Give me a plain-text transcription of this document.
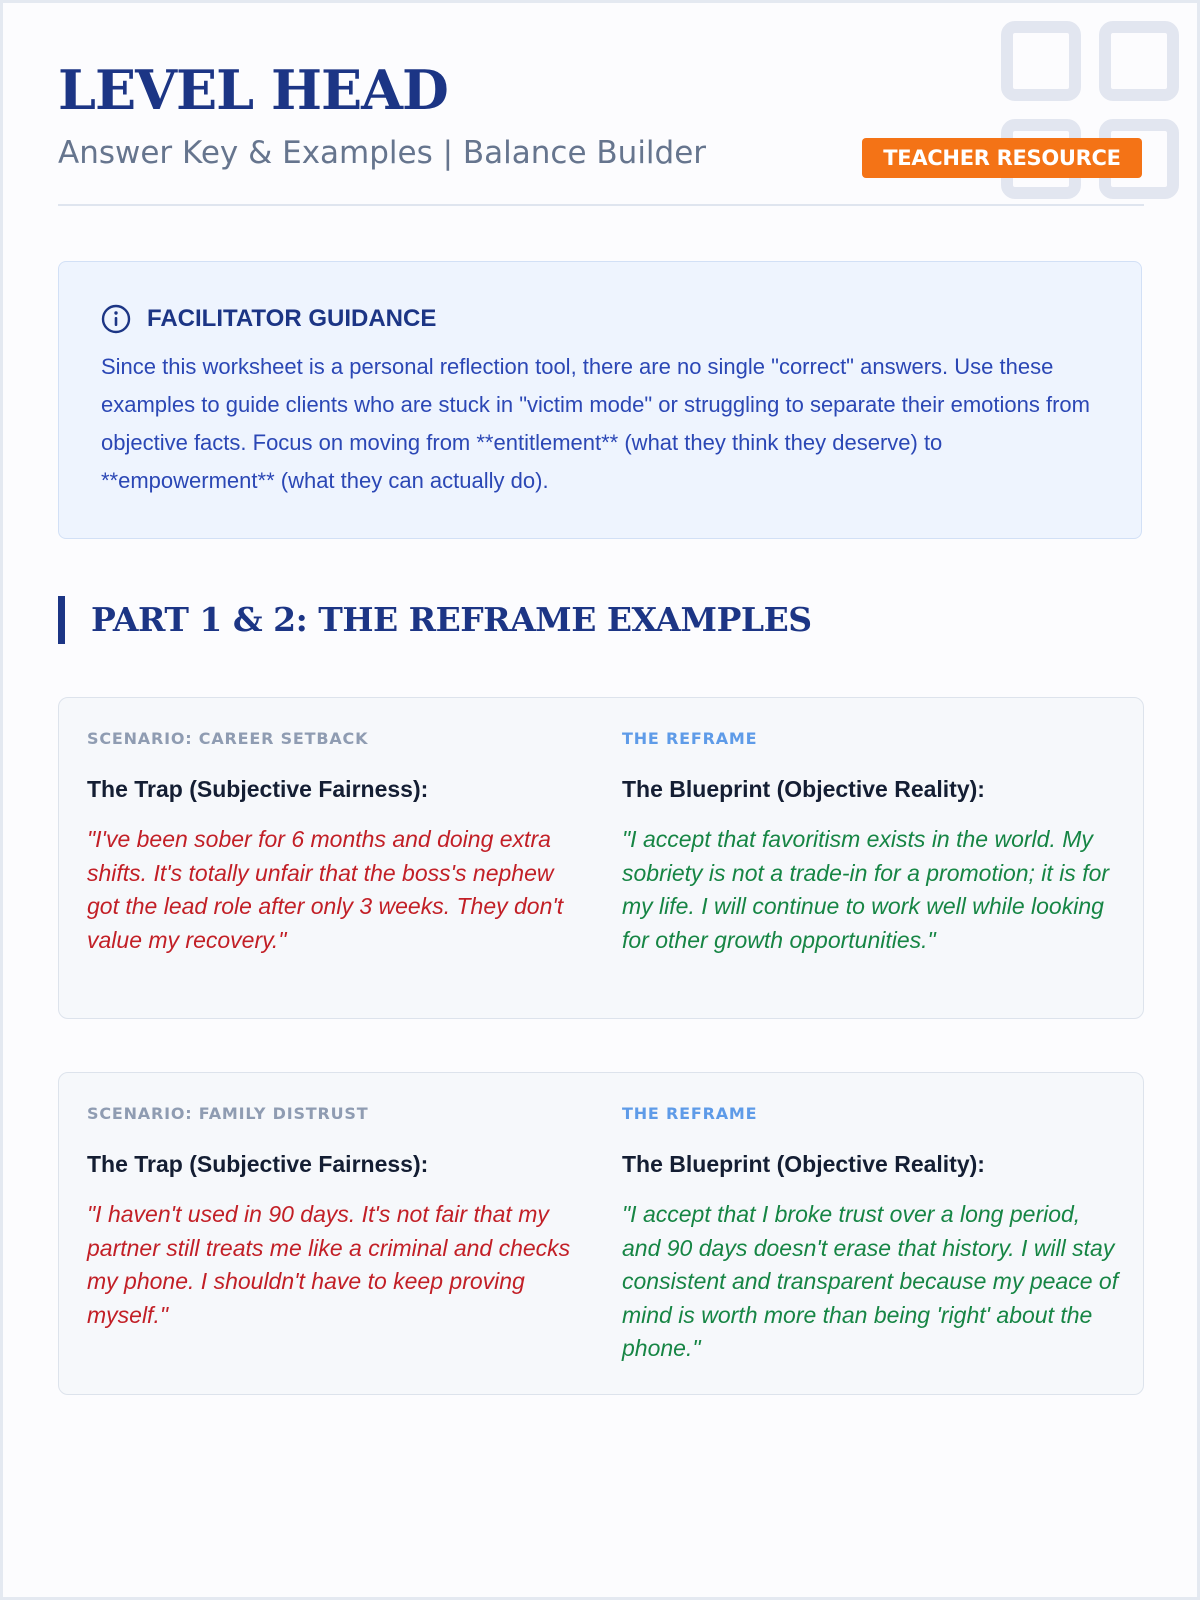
LEVEL HEAD
Answer Key & Examples | Balance Builder	TEACHER RESOURCE
FACILITATOR GUIDANCE

Since this worksheet is a personal reflection tool, there are no single "correct" answers. Use these examples to guide clients who are stuck in "victim mode" or struggling to separate their emotions from objective facts. Focus on moving from **entitlement** (what they think they deserve) to **empowerment** (what they can actually do).

PART 1 & 2: THE REFRAME EXAMPLES
SCENARIO: CAREER SETBACK
The Trap (Subjective Fairness):

"I've been sober for 6 months and doing extra shifts. It's totally unfair that the boss's nephew got the lead role after only 3 weeks. They don't value my recovery."

THE REFRAME
The Blueprint (Objective Reality):

"I accept that favoritism exists in the world. My sobriety is not a trade-in for a promotion; it is for my life. I will continue to work well while looking for other growth opportunities."

SCENARIO: FAMILY DISTRUST
The Trap (Subjective Fairness):

"I haven't used in 90 days. It's not fair that my partner still treats me like a criminal and checks my phone. I shouldn't have to keep proving myself."

THE REFRAME
The Blueprint (Objective Reality):

"I accept that I broke trust over a long period, and 90 days doesn't erase that history. I will stay consistent and transparent because my peace of mind is worth more than being 'right' about the phone."
